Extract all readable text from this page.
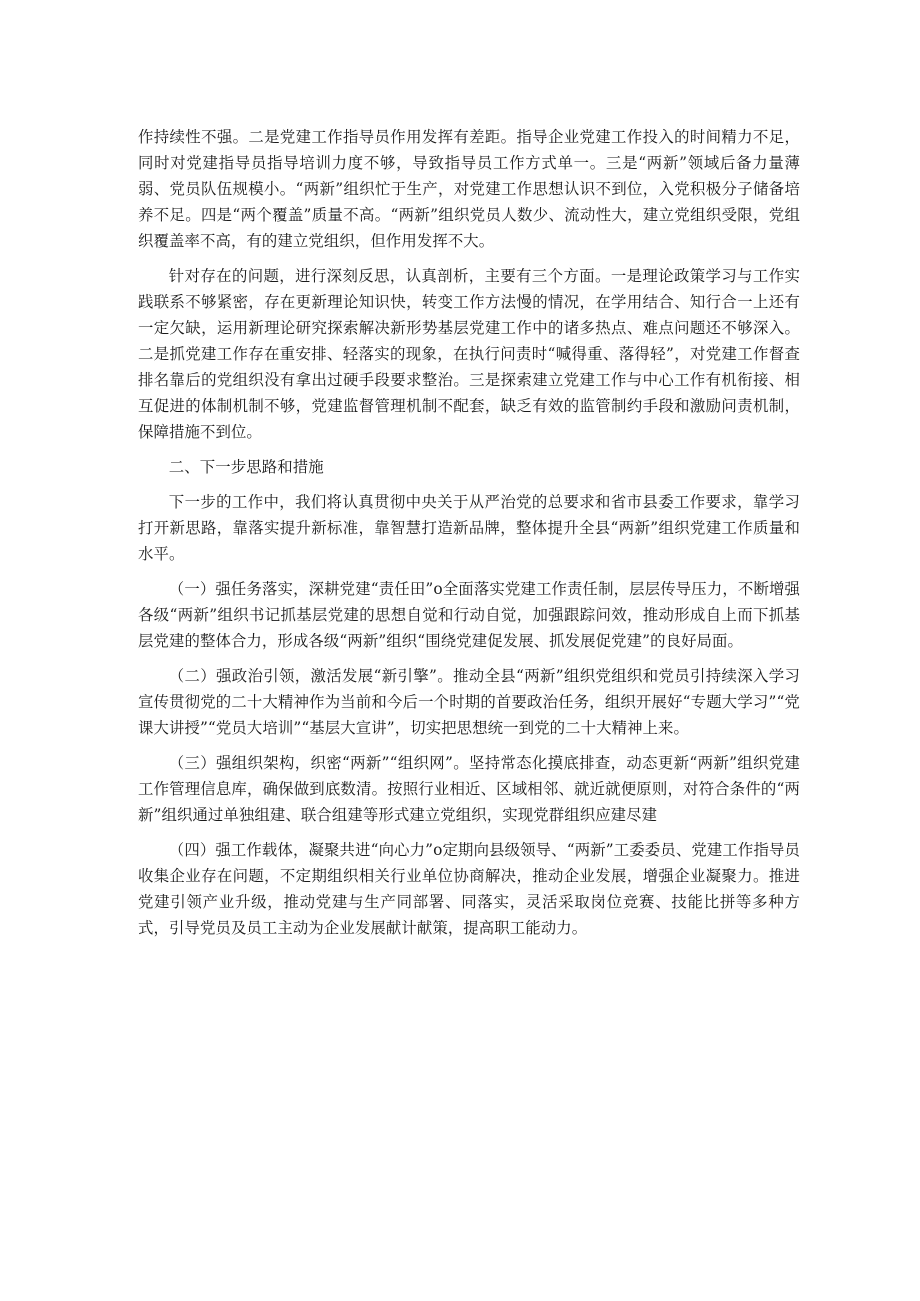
作持续性不强。二是党建工作指导员作用发挥有差距。指导企业党建工作投入的时间精力不足，同时对党建指导员指导培训力度不够，导致指导员工作方式单一。三是“两新”领域后备力量薄弱、党员队伍规模小。“两新”组织忙于生产，对党建工作思想认识不到位，入党积极分子储备培养不足。四是“两个覆盖”质量不高。“两新”组织党员人数少、流动性大，建立党组织受限，党组织覆盖率不高，有的建立党组织，但作用发挥不大。

针对存在的问题，进行深刻反思，认真剖析，主要有三个方面。一是理论政策学习与工作实践联系不够紧密，存在更新理论知识快，转变工作方法慢的情况，在学用结合、知行合一上还有一定欠缺，运用新理论研究探索解决新形势基层党建工作中的诸多热点、难点问题还不够深入。二是抓党建工作存在重安排、轻落实的现象，在执行问责时“喊得重、落得轻”，对党建工作督查排名靠后的党组织没有拿出过硬手段要求整治。三是探索建立党建工作与中心工作有机衔接、相互促进的体制机制不够，党建监督管理机制不配套，缺乏有效的监管制约手段和激励问责机制，保障措施不到位。

二、下一步思路和措施

下一步的工作中，我们将认真贯彻中央关于从严治党的总要求和省市县委工作要求，靠学习打开新思路，靠落实提升新标准，靠智慧打造新品牌，整体提升全县“两新”组织党建工作质量和水平。

（一）强任务落实，深耕党建“责任田”o全面落实党建工作责任制，层层传导压力，不断增强各级“两新”组织书记抓基层党建的思想自觉和行动自觉，加强跟踪问效，推动形成自上而下抓基层党建的整体合力，形成各级“两新”组织“围绕党建促发展、抓发展促党建”的良好局面。

（二）强政治引领，激活发展“新引擎”。推动全县“两新”组织党组织和党员引持续深入学习宣传贯彻党的二十大精神作为当前和今后一个时期的首要政治任务，组织开展好“专题大学习”“党课大讲授”“党员大培训”“基层大宣讲”，切实把思想统一到党的二十大精神上来。

（三）强组织架构，织密“两新”“组织网”。坚持常态化摸底排查，动态更新“两新”组织党建工作管理信息库，确保做到底数清。按照行业相近、区域相邻、就近就便原则，对符合条件的“两新”组织通过单独组建、联合组建等形式建立党组织，实现党群组织应建尽建

（四）强工作载体，凝聚共进“向心力”o定期向县级领导、“两新”工委委员、党建工作指导员收集企业存在问题，不定期组织相关行业单位协商解决，推动企业发展，增强企业凝聚力。推进党建引领产业升级，推动党建与生产同部署、同落实，灵活采取岗位竞赛、技能比拼等多种方式，引导党员及员工主动为企业发展献计献策，提高职工能动力。
